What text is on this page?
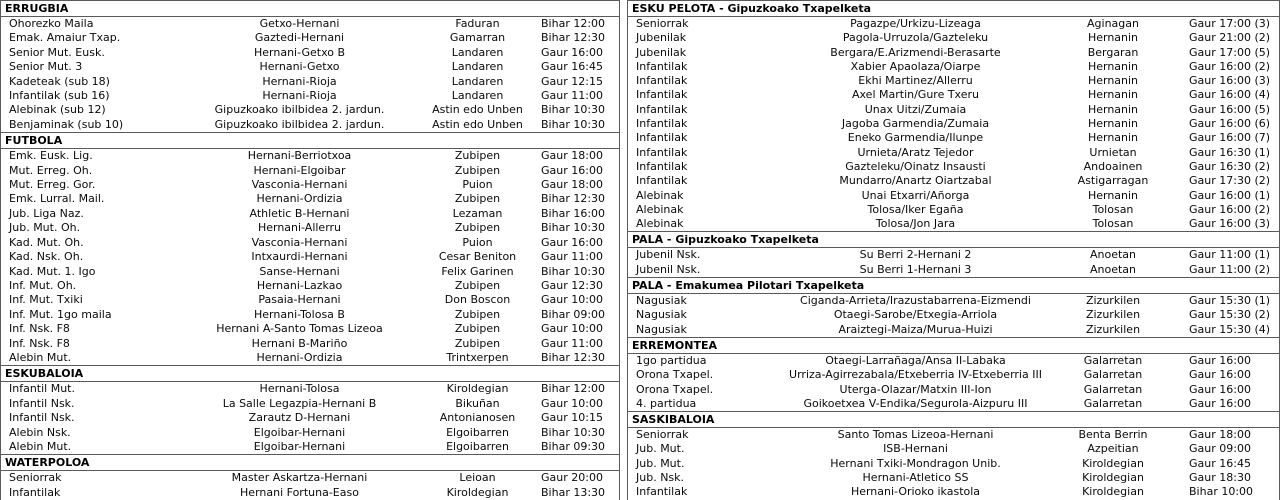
ERRUGBIA
Ohorezko Maila	Getxo-Hernani	Faduran	Bihar 12:00
Emak. Amaiur Txap.	Gaztedi-Hernani	Gamarran	Bihar 12:30
Senior Mut. Eusk.	Hernani-Getxo B	Landaren	Gaur 16:00
Senior Mut. 3	Hernani-Getxo	Landaren	Gaur 16:45
Kadeteak (sub 18)	Hernani-Rioja	Landaren	Gaur 12:15
Infantilak (sub 16)	Hernani-Rioja	Landaren	Gaur 11:00
Alebinak (sub 12)	Gipuzkoako ibilbidea 2. jardun.	Astin edo Unben	Bihar 10:30
Benjaminak (sub 10)	Gipuzkoako ibilbidea 2. jardun.	Astin edo Unben	Bihar 10:30
FUTBOLA
Emk. Eusk. Lig.	Hernani-Berriotxoa	Zubipen	Gaur 18:00
Mut. Erreg. Oh.	Hernani-Elgoibar	Zubipen	Gaur 16:00
Mut. Erreg. Gor.	Vasconia-Hernani	Puion	Gaur 18:00
Emk. Lurral. Mail.	Hernani-Ordizia	Zubipen	Bihar 12:30
Jub. Liga Naz.	Athletic B-Hernani	Lezaman	Bihar 16:00
Jub. Mut. Oh.	Hernani-Allerru	Zubipen	Bihar 10:30
Kad. Mut. Oh.	Vasconia-Hernani	Puion	Gaur 16:00
Kad. Nsk. Oh.	Intxaurdi-Hernani	Cesar Beniton	Gaur 11:00
Kad. Mut. 1. Igo	Sanse-Hernani	Felix Garinen	Bihar 10:30
Inf. Mut. Oh.	Hernani-Lazkao	Zubipen	Gaur 12:30
Inf. Mut. Txiki	Pasaia-Hernani	Don Boscon	Gaur 10:00
Inf. Mut. 1go maila	Hernani-Tolosa B	Zubipen	Bihar 09:00
Inf. Nsk. F8	Hernani A-Santo Tomas Lizeoa	Zubipen	Gaur 10:00
Inf. Nsk. F8	Hernani B-Mariño	Zubipen	Gaur 11:00
Alebin Mut.	Hernani-Ordizia	Trintxerpen	Bihar 12:30
ESKUBALOIA
Infantil Mut.	Hernani-Tolosa	Kiroldegian	Bihar 12:00
Infantil Nsk.	La Salle Legazpia-Hernani B	Bikuñan	Gaur 10:00
Infantil Nsk.	Zarautz D-Hernani	Antonianosen	Gaur 10:15
Alebin Nsk.	Elgoibar-Hernani	Elgoibarren	Bihar 10:30
Alebin Mut.	Elgoibar-Hernani	Elgoibarren	Bihar 09:30
WATERPOLOA
Seniorrak	Master Askartza-Hernani	Leioan	Gaur 20:00
Infantilak	Hernani Fortuna-Easo	Kiroldegian	Bihar 13:30
ESKU PELOTA - Gipuzkoako Txapelketa
Seniorrak	Pagazpe/Urkizu-Lizeaga	Aginagan	Gaur 17:00 (3)
Jubenilak	Pagola-Urruzola/Gazteleku	Hernanin	Gaur 21:00 (2)
Jubenilak	Bergara/E.Arizmendi-Berasarte	Bergaran	Gaur 17:00 (5)
Infantilak	Xabier Apaolaza/Oiarpe	Hernanin	Gaur 16:00 (2)
Infantilak	Ekhi Martinez/Allerru	Hernanin	Gaur 16:00 (3)
Infantilak	Axel Martin/Gure Txeru	Hernanin	Gaur 16:00 (4)
Infantilak	Unax Uitzi/Zumaia	Hernanin	Gaur 16:00 (5)
Infantilak	Jagoba Garmendia/Zumaia	Hernanin	Gaur 16:00 (6)
Infantilak	Eneko Garmendia/Ilunpe	Hernanin	Gaur 16:00 (7)
Infantilak	Urnieta/Aratz Tejedor	Urnietan	Gaur 16:30 (1)
Infantilak	Gazteleku/Oinatz Insausti	Andoainen	Gaur 16:30 (2)
Infantilak	Mundarro/Anartz Oiartzabal	Astigarragan	Gaur 17:30 (2)
Alebinak	Unai Etxarri/Añorga	Hernanin	Gaur 16:00 (1)
Alebinak	Tolosa/Iker Egaña	Tolosan	Gaur 16:00 (2)
Alebinak	Tolosa/Jon Jara	Tolosan	Gaur 16:00 (3)
PALA - Gipuzkoako Txapelketa
Jubenil Nsk.	Su Berri 2-Hernani 2	Anoetan	Gaur 11:00 (1)
Jubenil Nsk.	Su Berri 1-Hernani 3	Anoetan	Gaur 11:00 (2)
PALA - Emakumea Pilotari Txapelketa
Nagusiak	Ciganda-Arrieta/Irazustabarrena-Eizmendi	Zizurkilen	Gaur 15:30 (1)
Nagusiak	Otaegi-Sarobe/Etxegia-Arriola	Zizurkilen	Gaur 15:30 (2)
Nagusiak	Araiztegi-Maiza/Murua-Huizi	Zizurkilen	Gaur 15:30 (4)
ERREMONTEA
1go partidua	Otaegi-Larrañaga/Ansa II-Labaka	Galarretan	Gaur 16:00
Orona Txapel.	Urriza-Agirrezabala/Etxeberria IV-Etxeberria III	Galarretan	Gaur 16:00
Orona Txapel.	Uterga-Olazar/Matxin III-Ion	Galarretan	Gaur 16:00
4. partidua	Goikoetxea V-Endika/Segurola-Aizpuru III	Galarretan	Gaur 16:00
SASKIBALOIA
Seniorrak	Santo Tomas Lizeoa-Hernani	Benta Berrin	Gaur 18:00
Jub. Mut.	ISB-Hernani	Azpeitian	Gaur 09:00
Jub. Mut.	Hernani Txiki-Mondragon Unib.	Kiroldegian	Gaur 16:45
Jub. Nsk.	Hernani-Atletico SS	Kiroldegian	Gaur 18:30
Infantilak	Hernani-Orioko ikastola	Kiroldegian	Bihar 10:00
